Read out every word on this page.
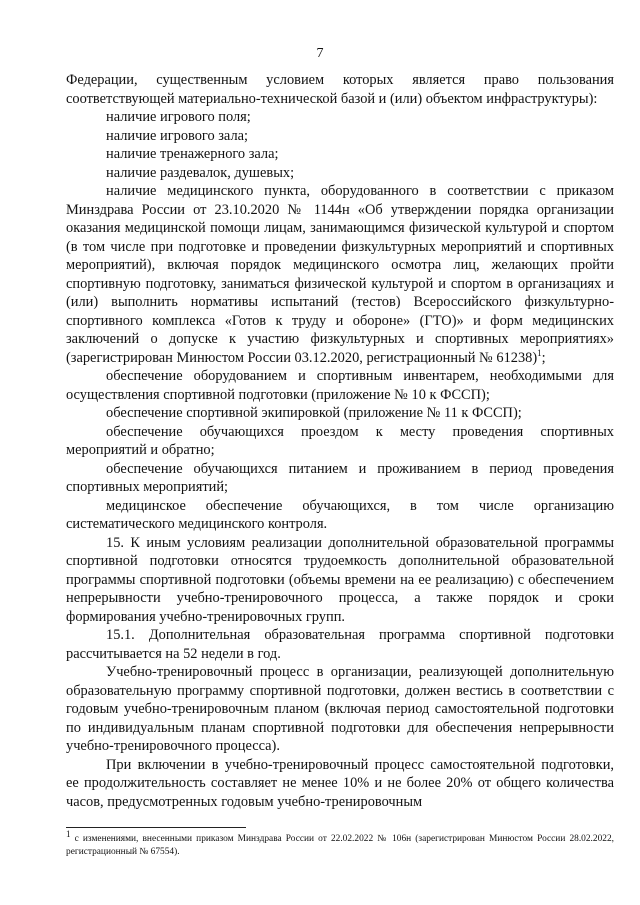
7

Федерации, существенным условием которых является право пользования соответствующей материально-технической базой и (или) объектом инфраструктуры):

наличие игрового поля;

наличие игрового зала;

наличие тренажерного зала;

наличие раздевалок, душевых;

наличие медицинского пункта, оборудованного в соответствии с приказом Минздрава России от 23.10.2020 № 1144н «Об утверждении порядка организации оказания медицинской помощи лицам, занимающимся физической культурой и спортом (в том числе при подготовке и проведении физкультурных мероприятий и спортивных мероприятий), включая порядок медицинского осмотра лиц, желающих пройти спортивную подготовку, заниматься физической культурой и спортом в организациях и (или) выполнить нормативы испытаний (тестов) Всероссийского физкультурно-спортивного комплекса «Готов к труду и обороне» (ГТО)» и форм медицинских заключений о допуске к участию физкультурных и спортивных мероприятиях» (зарегистрирован Минюстом России 03.12.2020, регистрационный № 61238)$^1$;

обеспечение оборудованием и спортивным инвентарем, необходимыми для осуществления спортивной подготовки (приложение № 10 к ФССП);

обеспечение спортивной экипировкой (приложение № 11 к ФССП);

обеспечение обучающихся проездом к месту проведения спортивных мероприятий и обратно;

обеспечение обучающихся питанием и проживанием в период проведения спортивных мероприятий;

медицинское обеспечение обучающихся, в том числе организацию систематического медицинского контроля.

15. К иным условиям реализации дополнительной образовательной программы спортивной подготовки относятся трудоемкость дополнительной образовательной программы спортивной подготовки (объемы времени на ее реализацию) с обеспечением непрерывности учебно-тренировочного процесса, а также порядок и сроки формирования учебно-тренировочных групп.

15.1. Дополнительная образовательная программа спортивной подготовки рассчитывается на 52 недели в год.

Учебно-тренировочный процесс в организации, реализующей дополнительную образовательную программу спортивной подготовки, должен вестись в соответствии с годовым учебно-тренировочным планом (включая период самостоятельной подготовки по индивидуальным планам спортивной подготовки для обеспечения непрерывности учебно-тренировочного процесса).

При включении в учебно-тренировочный процесс самостоятельной подготовки, ее продолжительность составляет не менее 10% и не более 20% от общего количества часов, предусмотренных годовым учебно-тренировочным

1 с изменениями, внесенными приказом Минздрава России от 22.02.2022 № 106н (зарегистрирован Минюстом России 28.02.2022, регистрационный № 67554).
